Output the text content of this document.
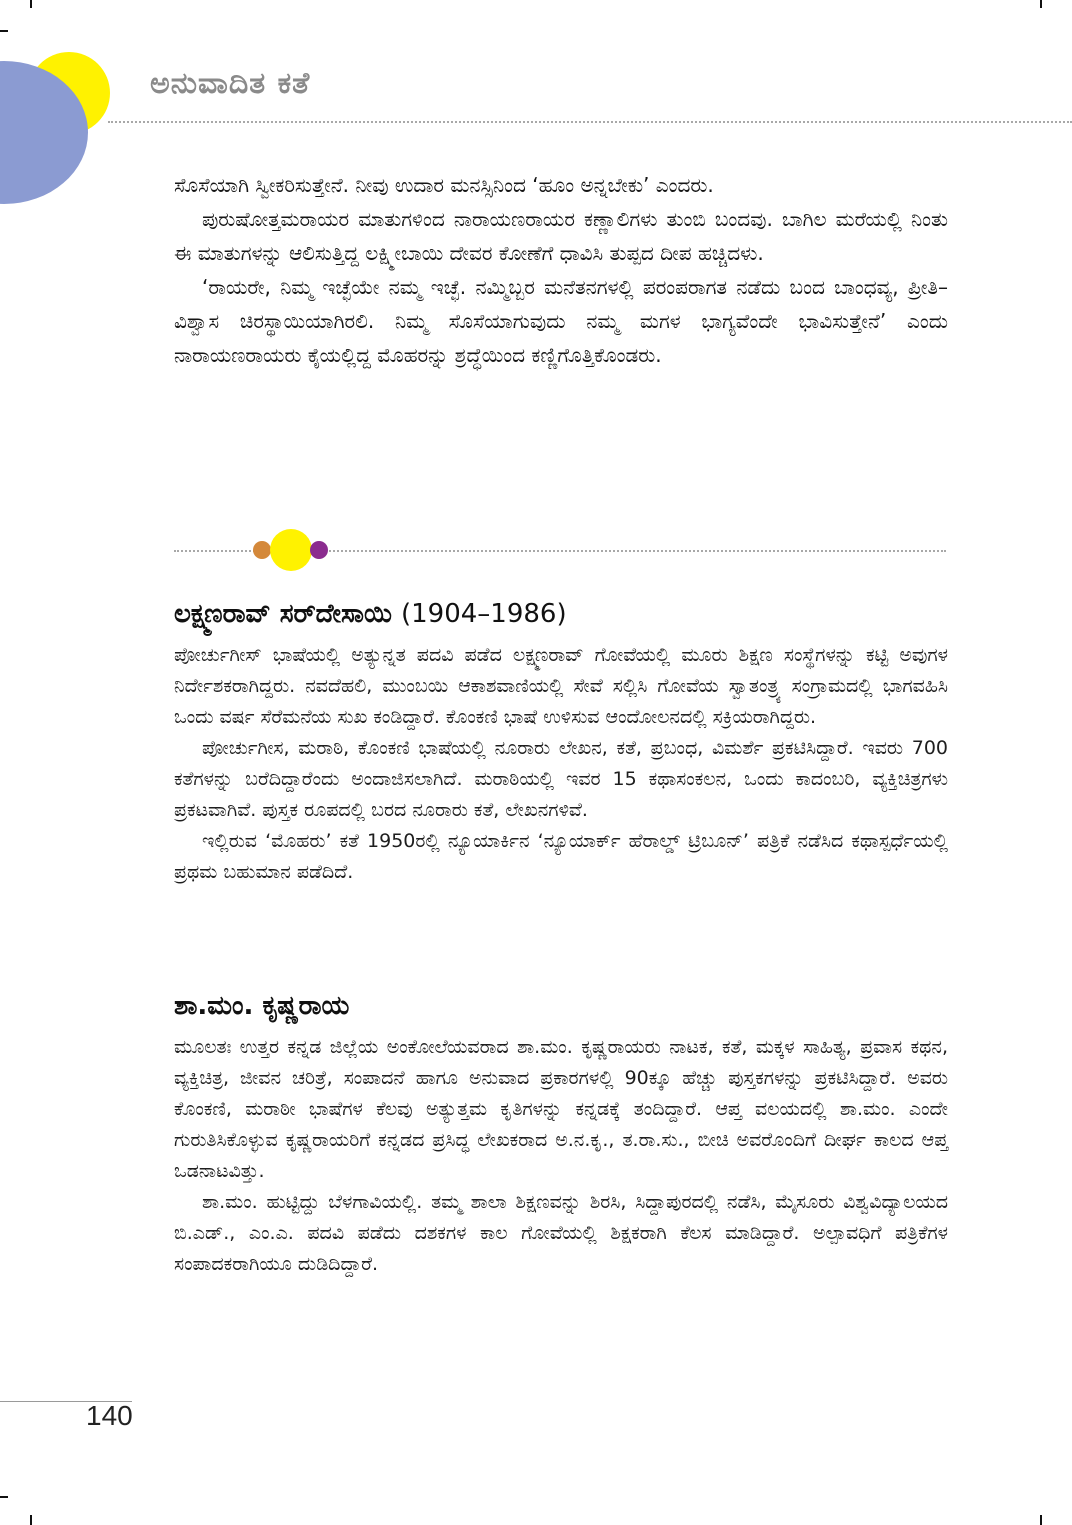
ಅನುವಾದಿತ ಕತೆ

ಸೊಸೆಯಾಗಿ ಸ್ವೀಕರಿಸುತ್ತೇನೆ. ನೀವು ಉದಾರ ಮನಸ್ಸಿನಿಂದ ‘ಹೂಂ ಅನ್ನಬೇಕು’ ಎಂದರು.

ಪುರುಷೋತ್ತಮರಾಯರ ಮಾತುಗಳಿಂದ ನಾರಾಯಣರಾಯರ ಕಣ್ಣಾಲಿಗಳು ತುಂಬಿ ಬಂದವು. ಬಾಗಿಲ ಮರೆಯಲ್ಲಿ ನಿಂತು ಈ ಮಾತುಗಳನ್ನು ಆಲಿಸುತ್ತಿದ್ದ ಲಕ್ಷ್ಮೀಬಾಯಿ ದೇವರ ಕೋಣೆಗೆ ಧಾವಿಸಿ ತುಪ್ಪದ ದೀಪ ಹಚ್ಚಿದಳು.

‘ರಾಯರೇ, ನಿಮ್ಮ ಇಚ್ಛೆಯೇ ನಮ್ಮ ಇಚ್ಛೆ. ನಮ್ಮಿಬ್ಬರ ಮನೆತನಗಳಲ್ಲಿ ಪರಂಪರಾಗತ ನಡೆದು ಬಂದ ಬಾಂಧವ್ಯ, ಪ್ರೀತಿ–ವಿಶ್ವಾಸ ಚಿರಸ್ಥಾಯಿಯಾಗಿರಲಿ. ನಿಮ್ಮ ಸೊಸೆಯಾಗುವುದು ನಮ್ಮ ಮಗಳ ಭಾಗ್ಯವೆಂದೇ ಭಾವಿಸುತ್ತೇನೆ’ ಎಂದು ನಾರಾಯಣರಾಯರು ಕೈಯಲ್ಲಿದ್ದ ಮೊಹರನ್ನು ಶ್ರದ್ಧೆಯಿಂದ ಕಣ್ಣಿಗೊತ್ತಿಕೊಂಡರು.

ಲಕ್ಷ್ಮಣರಾವ್ ಸರ್‌ದೇಸಾಯಿ (1904–1986)

ಪೋರ್ಚುಗೀಸ್ ಭಾಷೆಯಲ್ಲಿ ಅತ್ಯುನ್ನತ ಪದವಿ ಪಡೆದ ಲಕ್ಷ್ಮಣರಾವ್ ಗೋವೆಯಲ್ಲಿ ಮೂರು ಶಿಕ್ಷಣ ಸಂಸ್ಥೆಗಳನ್ನು ಕಟ್ಟಿ ಅವುಗಳ ನಿರ್ದೇಶಕರಾಗಿದ್ದರು. ನವದೆಹಲಿ, ಮುಂಬಯಿ ಆಕಾಶವಾಣಿಯಲ್ಲಿ ಸೇವೆ ಸಲ್ಲಿಸಿ ಗೋವೆಯ ಸ್ವಾತಂತ್ರ್ಯ ಸಂಗ್ರಾಮದಲ್ಲಿ ಭಾಗವಹಿಸಿ ಒಂದು ವರ್ಷ ಸೆರೆಮನೆಯ ಸುಖ ಕಂಡಿದ್ದಾರೆ. ಕೊಂಕಣಿ ಭಾಷೆ ಉಳಿಸುವ ಆಂದೋಲನದಲ್ಲಿ ಸಕ್ರಿಯರಾಗಿದ್ದರು.

ಪೋರ್ಚುಗೀಸ, ಮರಾಠಿ, ಕೊಂಕಣಿ ಭಾಷೆಯಲ್ಲಿ ನೂರಾರು ಲೇಖನ, ಕತೆ, ಪ್ರಬಂಧ, ವಿಮರ್ಶೆ ಪ್ರಕಟಿಸಿದ್ದಾರೆ. ಇವರು 700 ಕತೆಗಳನ್ನು ಬರೆದಿದ್ದಾರೆಂದು ಅಂದಾಜಿಸಲಾಗಿದೆ. ಮರಾಠಿಯಲ್ಲಿ ಇವರ 15 ಕಥಾಸಂಕಲನ, ಒಂದು ಕಾದಂಬರಿ, ವ್ಯಕ್ತಿಚಿತ್ರಗಳು ಪ್ರಕಟವಾಗಿವೆ. ಪುಸ್ತಕ ರೂಪದಲ್ಲಿ ಬರದ ನೂರಾರು ಕತೆ, ಲೇಖನಗಳಿವೆ.

ಇಲ್ಲಿರುವ ‘ಮೊಹರು’ ಕತೆ 1950ರಲ್ಲಿ ನ್ಯೂಯಾರ್ಕಿನ ‘ನ್ಯೂಯಾರ್ಕ್ ಹೆರಾಲ್ಡ್ ಟ್ರಿಬೂನ್’ ಪತ್ರಿಕೆ ನಡೆಸಿದ ಕಥಾಸ್ಪರ್ಧೆಯಲ್ಲಿ ಪ್ರಥಮ ಬಹುಮಾನ ಪಡೆದಿದೆ.

ಶಾ.ಮಂ. ಕೃಷ್ಣರಾಯ

ಮೂಲತಃ ಉತ್ತರ ಕನ್ನಡ ಜಿಲ್ಲೆಯ ಅಂಕೋಲೆಯವರಾದ ಶಾ.ಮಂ. ಕೃಷ್ಣರಾಯರು ನಾಟಕ, ಕತೆ, ಮಕ್ಕಳ ಸಾಹಿತ್ಯ, ಪ್ರವಾಸ ಕಥನ, ವ್ಯಕ್ತಿಚಿತ್ರ, ಜೀವನ ಚರಿತ್ರೆ, ಸಂಪಾದನೆ ಹಾಗೂ ಅನುವಾದ ಪ್ರಕಾರಗಳಲ್ಲಿ 90ಕ್ಕೂ ಹೆಚ್ಚು ಪುಸ್ತಕಗಳನ್ನು ಪ್ರಕಟಿಸಿದ್ದಾರೆ. ಅವರು ಕೊಂಕಣಿ, ಮರಾಠೀ ಭಾಷೆಗಳ ಕೆಲವು ಅತ್ಯುತ್ತಮ ಕೃತಿಗಳನ್ನು ಕನ್ನಡಕ್ಕೆ ತಂದಿದ್ದಾರೆ. ಆಪ್ತ ವಲಯದಲ್ಲಿ ಶಾ.ಮಂ. ಎಂದೇ ಗುರುತಿಸಿಕೊಳ್ಳುವ ಕೃಷ್ಣರಾಯರಿಗೆ ಕನ್ನಡದ ಪ್ರಸಿದ್ಧ ಲೇಖಕರಾದ ಅ.ನ.ಕೃ., ತ.ರಾ.ಸು., ಬೀಚಿ ಅವರೊಂದಿಗೆ ದೀರ್ಘ ಕಾಲದ ಆಪ್ತ ಒಡನಾಟವಿತ್ತು.

ಶಾ.ಮಂ. ಹುಟ್ಟಿದ್ದು ಬೆಳಗಾವಿಯಲ್ಲಿ. ತಮ್ಮ ಶಾಲಾ ಶಿಕ್ಷಣವನ್ನು ಶಿರಸಿ, ಸಿದ್ದಾಪುರದಲ್ಲಿ ನಡೆಸಿ, ಮೈಸೂರು ವಿಶ್ವವಿದ್ಯಾಲಯದ ಬಿ.ಎಡ್., ಎಂ.ಎ. ಪದವಿ ಪಡೆದು ದಶಕಗಳ ಕಾಲ ಗೋವೆಯಲ್ಲಿ ಶಿಕ್ಷಕರಾಗಿ ಕೆಲಸ ಮಾಡಿದ್ದಾರೆ. ಅಲ್ಪಾವಧಿಗೆ ಪತ್ರಿಕೆಗಳ ಸಂಪಾದಕರಾಗಿಯೂ ದುಡಿದಿದ್ದಾರೆ.

140
